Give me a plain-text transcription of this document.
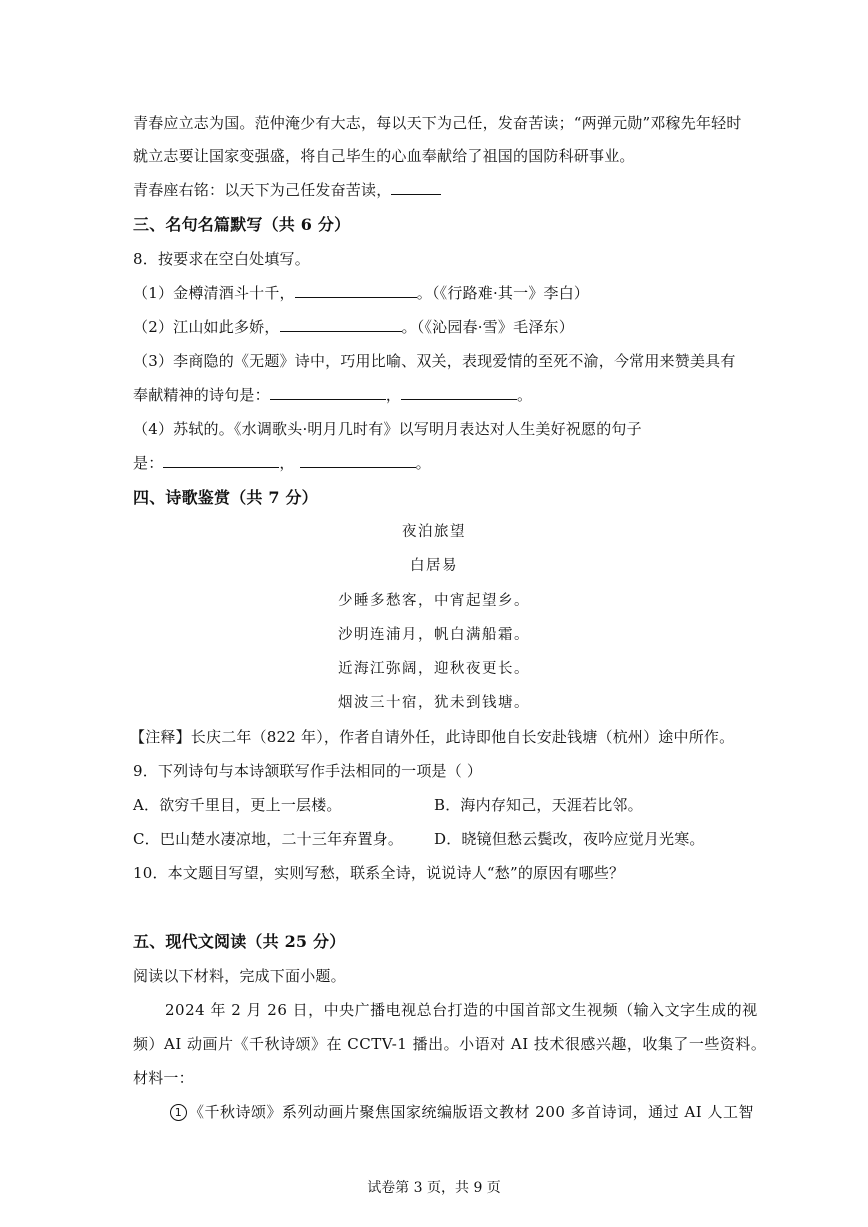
青春应立志为国。范仲淹少有大志，每以天下为己任，发奋苦读；“两弹元勋”邓稼先年轻时
就立志要让国家变强盛，将自己毕生的心血奉献给了祖国的国防科研事业。
青春座右铭：以天下为己任发奋苦读，
三、名句名篇默写（共 6 分）
8．按要求在空白处填写。
（1）金樽清酒斗十千，	。（《行路难·其一》李白）
（2）江山如此多娇，	。（《沁园春·雪》毛泽东）
（3）李商隐的《无题》诗中，巧用比喻、双关，表现爱情的至死不渝，今常用来赞美具有
奉献精神的诗句是：	，	。
（4）苏轼的。《水调歌头·明月几时有》以写明月表达对人生美好祝愿的句子
是：	，	。
四、诗歌鉴赏（共 7 分）
夜泊旅望
白居易
少睡多愁客，中宵起望乡。
沙明连浦月，帆白满船霜。
近海江弥阔，迎秋夜更长。
烟波三十宿，犹未到钱塘。
【注释】长庆二年（822 年），作者自请外任，此诗即他自长安赴钱塘（杭州）途中所作。
9．下列诗句与本诗颔联写作手法相同的一项是（ ）
A．欲穷千里目，更上一层楼。	B．海内存知己，天涯若比邻。
C．巴山楚水凄凉地，二十三年弃置身。 D．晓镜但愁云鬓改，夜吟应觉月光寒。
10．本文题目写望，实则写愁，联系全诗，说说诗人“愁”的原因有哪些？
五、现代文阅读（共 25 分）
阅读以下材料，完成下面小题。
2024 年 2 月 26 日，中央广播电视总台打造的中国首部文生视频（输入文字生成的视
频）AI 动画片《千秋诗颂》在 CCTV-1 播出。小语对 AI 技术很感兴趣，收集了一些资料。
材料一：
1 《千秋诗颂》系列动画片聚焦国家统编版语文教材 200 多首诗词，通过 AI 人工智
试卷第 3 页，共 9 页
